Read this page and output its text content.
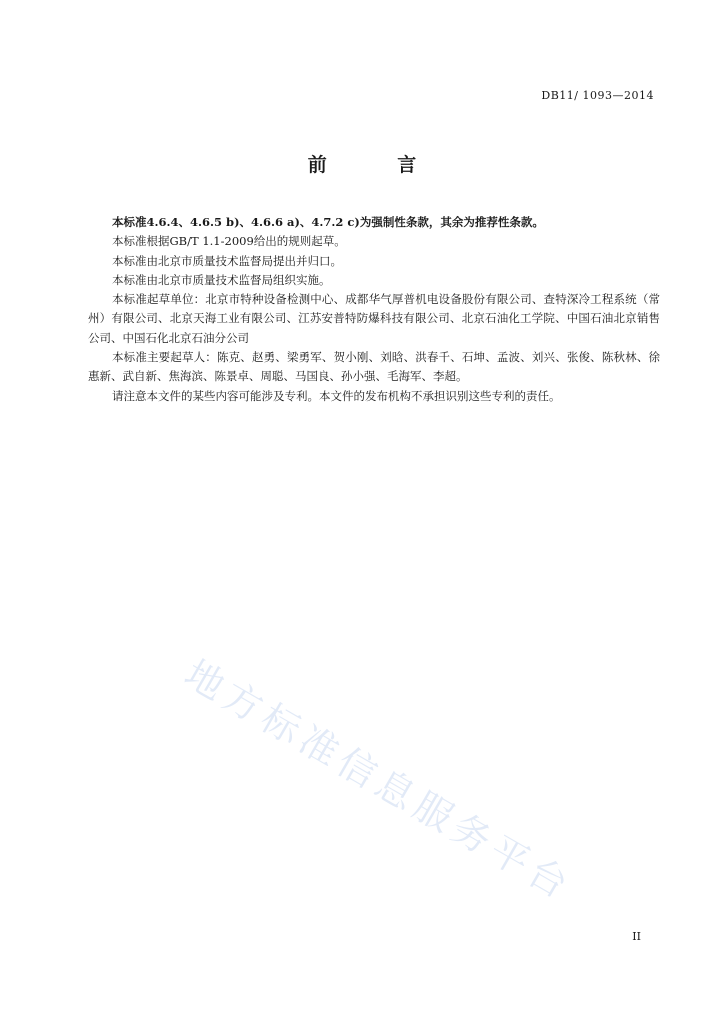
DB11/ 1093—2014
前 言

本标准4.6.4、4.6.5 b)、4.6.6 a)、4.7.2 c)为强制性条款，其余为推荐性条款。

本标准根据GB/T 1.1-2009给出的规则起草。

本标准由北京市质量技术监督局提出并归口。

本标准由北京市质量技术监督局组织实施。

本标准起草单位：北京市特种设备检测中心、成都华气厚普机电设备股份有限公司、查特深冷工程系统（常州）有限公司、北京天海工业有限公司、江苏安普特防爆科技有限公司、北京石油化工学院、中国石油北京销售公司、中国石化北京石油分公司

本标准主要起草人：陈克、赵勇、梁勇军、贺小刚、刘晗、洪春千、石坤、孟波、刘兴、张俊、陈秋林、徐惠新、武自新、焦海滨、陈景卓、周聪、马国良、孙小强、毛海军、李超。

请注意本文件的某些内容可能涉及专利。本文件的发布机构不承担识别这些专利的责任。

地方标准信息服务平台
II
